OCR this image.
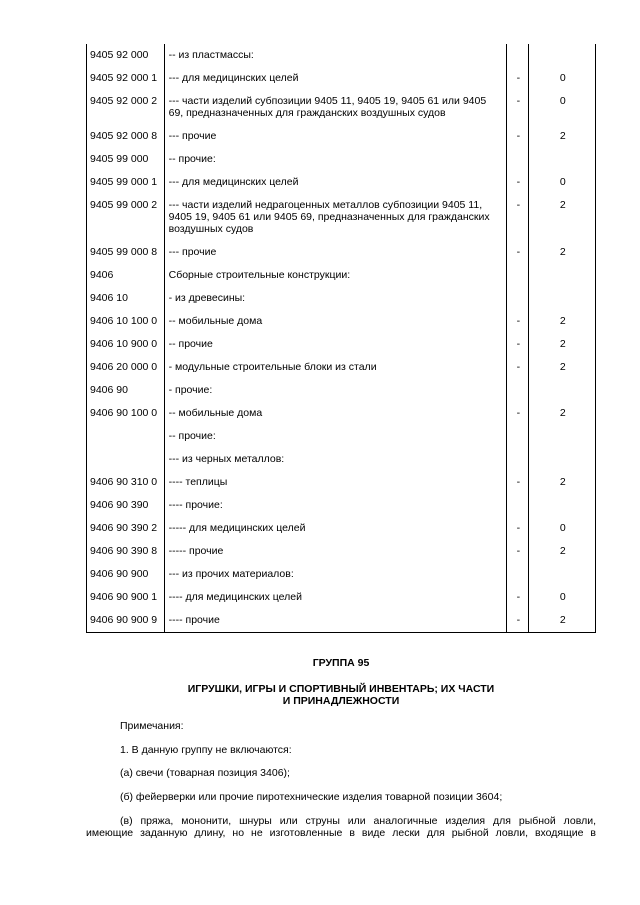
9405 92 000	-- из пластмассы:		
9405 92 000 1	--- для медицинских целей	-	0
9405 92 000 2	--- части изделий субпозиции 9405 11, 9405 19, 9405 61 или 9405 69, предназначенных для гражданских воздушных судов	-	0
9405 92 000 8	--- прочие	-	2
9405 99 000	-- прочие:		
9405 99 000 1	--- для медицинских целей	-	0
9405 99 000 2	--- части изделий недрагоценных металлов субпозиции 9405 11, 9405 19, 9405 61 или 9405 69, предназначенных для гражданских воздушных судов	-	2
9405 99 000 8	--- прочие	-	2
9406	Сборные строительные конструкции:		
9406 10	- из древесины:		
9406 10 100 0	-- мобильные дома	-	2
9406 10 900 0	-- прочие	-	2
9406 20 000 0	- модульные строительные блоки из стали	-	2
9406 90	- прочие:		
9406 90 100 0	-- мобильные дома	-	2
	-- прочие:		
	--- из черных металлов:		
9406 90 310 0	---- теплицы	-	2
9406 90 390	---- прочие:		
9406 90 390 2	----- для медицинских целей	-	0
9406 90 390 8	----- прочие	-	2
9406 90 900	--- из прочих материалов:		
9406 90 900 1	---- для медицинских целей	-	0
9406 90 900 9	---- прочие	-	2
ГРУППА 95
ИГРУШКИ, ИГРЫ И СПОРТИВНЫЙ ИНВЕНТАРЬ; ИХ ЧАСТИ
И ПРИНАДЛЕЖНОСТИ
Примечания:
1. В данную группу не включаются:
(а) свечи (товарная позиция 3406);
(б) фейерверки или прочие пиротехнические изделия товарной позиции 3604;
(в) пряжа, мононити, шнуры или струны или аналогичные изделия для рыбной ловли,
имеющие заданную длину, но не изготовленные в виде лески для рыбной ловли, входящие в
